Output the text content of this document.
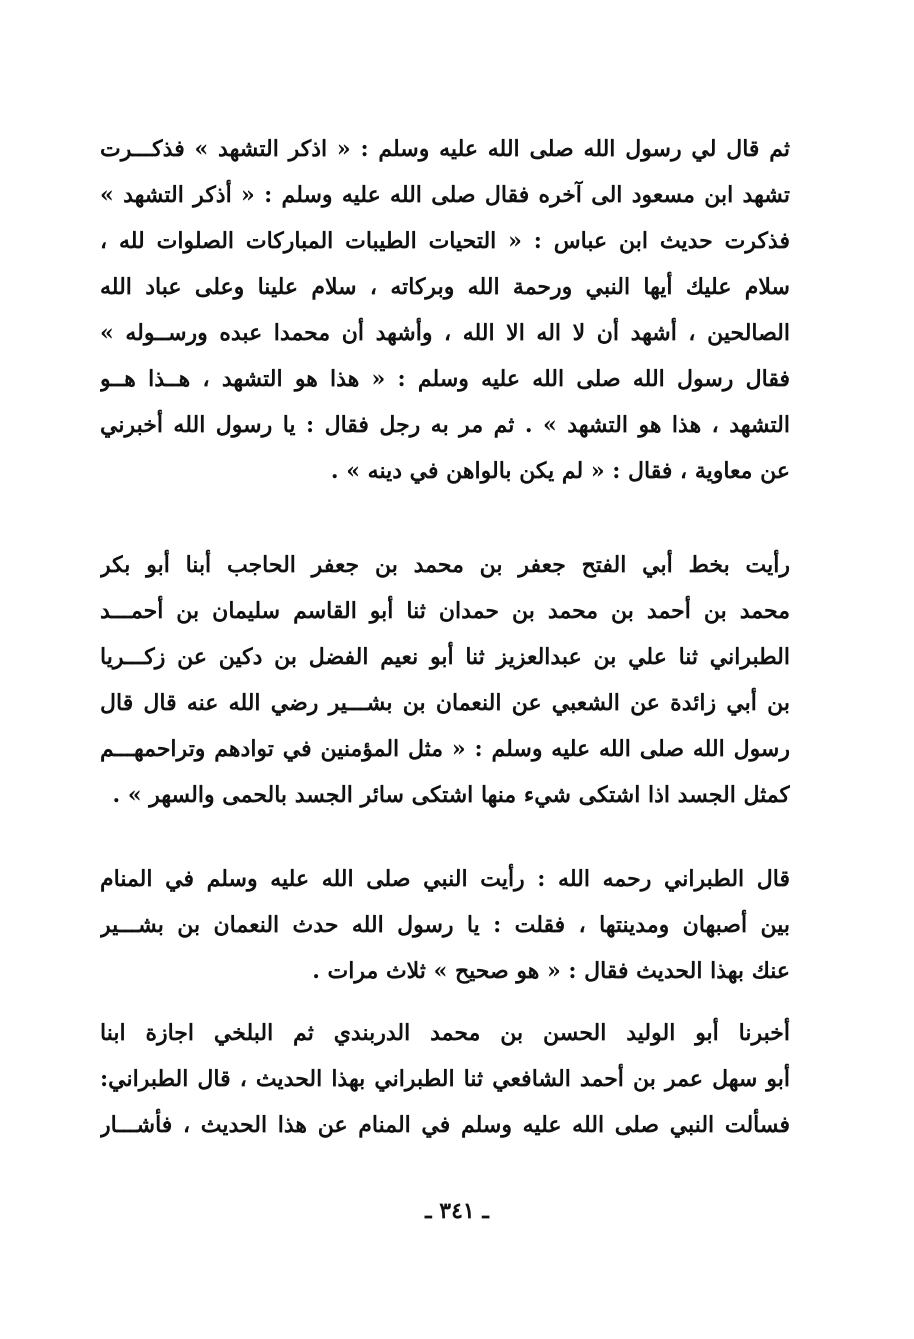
ثم قال لي رسول الله صلى الله عليه وسلم : « اذكر التشهد » فذكـــرت
تشهد ابن مسعود الى آخره فقال صلى الله عليه وسلم : « أذكر التشهد »
فذكرت حديث ابن عباس : « التحيات الطيبات المباركات الصلوات لله ،
سلام عليك أيها النبي ورحمة الله وبركاته ، سلام علينا وعلى عباد الله
الصالحين ، أشهد أن لا اله الا الله ، وأشهد أن محمدا عبده ورســوله »
فقال رسول الله صلى الله عليه وسلم : « هذا هو التشهد ، هــذا هــو
التشهد ، هذا هو التشهد » . ثم مر به رجل فقال : يا رسول الله أخبرني
عن معاوية ، فقال : « لم يكن بالواهن في دينه » .
رأيت بخط أبي الفتح جعفر بن محمد بن جعفر الحاجب أبنا أبو بكر
محمد بن أحمد بن محمد بن حمدان ثنا أبو القاسم سليمان بن أحمـــد
الطبراني ثنا علي بن عبدالعزيز ثنا أبو نعيم الفضل بن دكين عن زكـــريا
بن أبي زائدة عن الشعبي عن النعمان بن بشـــير رضي الله عنه قال قال
رسول الله صلى الله عليه وسلم : « مثل المؤمنين في توادهم وتراحمهـــم
كمثل الجسد اذا اشتكى شيء منها اشتكى سائر الجسد بالحمى والسهر » .
قال الطبراني رحمه الله : رأيت النبي صلى الله عليه وسلم في المنام
بين أصبهان ومدينتها ، فقلت : يا رسول الله حدث النعمان بن بشـــير
عنك بهذا الحديث فقال : « هو صحيح » ثلاث مرات .
أخبرنا أبو الوليد الحسن بن محمد الدربندي ثم البلخي اجازة ابنا
أبو سهل عمر بن أحمد الشافعي ثنا الطبراني بهذا الحديث ، قال الطبراني:
فسألت النبي صلى الله عليه وسلم في المنام عن هذا الحديث ، فأشـــار
ـ ٣٤١ ـ
